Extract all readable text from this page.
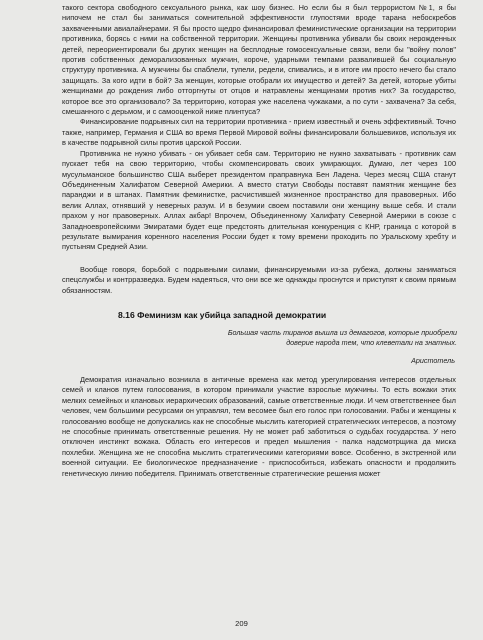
такого сектора свободного сексуального рынка, как шоу бизнес. Но если бы я был террористом №1, я бы нипочем не стал бы заниматься сомнительной эффективности глупостями вроде тарана небоскребов захваченными авиалайнерами. Я бы просто щедро финансировал феминистические организации на территории противника, борясь с ними на собственной территории. Женщины противника убивали бы своих нерожденных детей, переориентировали бы других женщин на бесплодные гомосексуальные связи, вели бы "войну полов" против собственных деморализованных мужчин, короче, ударными темпами развалившей бы социальную структуру противника. А мужчины бы спаблели, тупели, редели, спивались, и в итоге им просто нечего бы стало защищать. За кого идти в бой? За женщин, которые отобрали их имущество и детей? За детей, которые убиты женщинами до рождения либо отторгнуты от отцов и натравлены женщинами против них? За государство, которое все это организовало? За территорию, которая уже населена чужаками, а по сути - захвачена? За себя, смешанного с дерьмом, и с самооценкой ниже плинтуса?

Финансирование подрывных сил на территории противника - прием известный и очень эффективный. Точно также, например, Германия и США во время Первой Мировой войны финансировали большевиков, используя их в качестве подрывной силы против царской России.

Противника не нужно убивать - он убивает себя сам. Территорию не нужно захватывать - противник сам пускает тебя на свою территорию, чтобы скомпенсировать своих умирающих. Думаю, лет через 100 мусульманское большинство США выберет президентом праправнука Бен Ладена. Через месяц США станут Объединенным Халифатом Северной Америки. А вместо статуи Свободы поставят памятник женщине без паранджи и в штанах. Памятник феминистке, расчистившей жизненное пространство для правоверных. Ибо велик Аллах, отнявший у неверных разум. И в безумии своем поставили они женщину выше себя. И стали прахом у ног правоверных. Аллах акбар! Впрочем, Объединенному Халифату Северной Америки в союзе с Западноевропейскими Эмиратами будет еще предстоять длительная конкуренция с КНР, граница с которой в результате вымирания коренного населения России будет к тому времени проходить по Уральскому хребту и пустыням Средней Азии.

Вообще говоря, борьбой с подрывными силами, финансируемыми из-за рубежа, должны заниматься спецслужбы и контрразведка. Будем надеяться, что они все же однажды проснутся и приступят к своим прямым обязанностям.

8.16 Феминизм как убийца западной демократии

Большая часть тиранов вышла из демагогов, которые приобрели доверие народа тем, что клеветали на знатных.

Аристотель

Демократия изначально возникла в античные времена как метод урегулирования интересов отдельных семей и кланов путем голосования, в котором принимали участие взрослые мужчины. То есть вожаки этих мелких семейных и клановых иерархических образований, самые ответственные люди. И чем ответственнее был человек, чем большими ресурсами он управлял, тем весомее был его голос при голосовании. Рабы и женщины к голосованию вообще не допускались как не способные мыслить категорией стратегических интересов, а поэтому не способные принимать ответственные решения. Ну не может раб заботиться о судьбах государства. У него отключен инстинкт вожака. Область его интересов и предел мышления - палка надсмотрщика да миска похлебки. Женщина же не способна мыслить стратегическими категориями вовсе. Особенно, в экстренной или военной ситуации. Ее биологическое предназначение - приспособиться, избежать опасности и продолжить генетическую линию победителя. Принимать ответственные стратегические решения может

209
